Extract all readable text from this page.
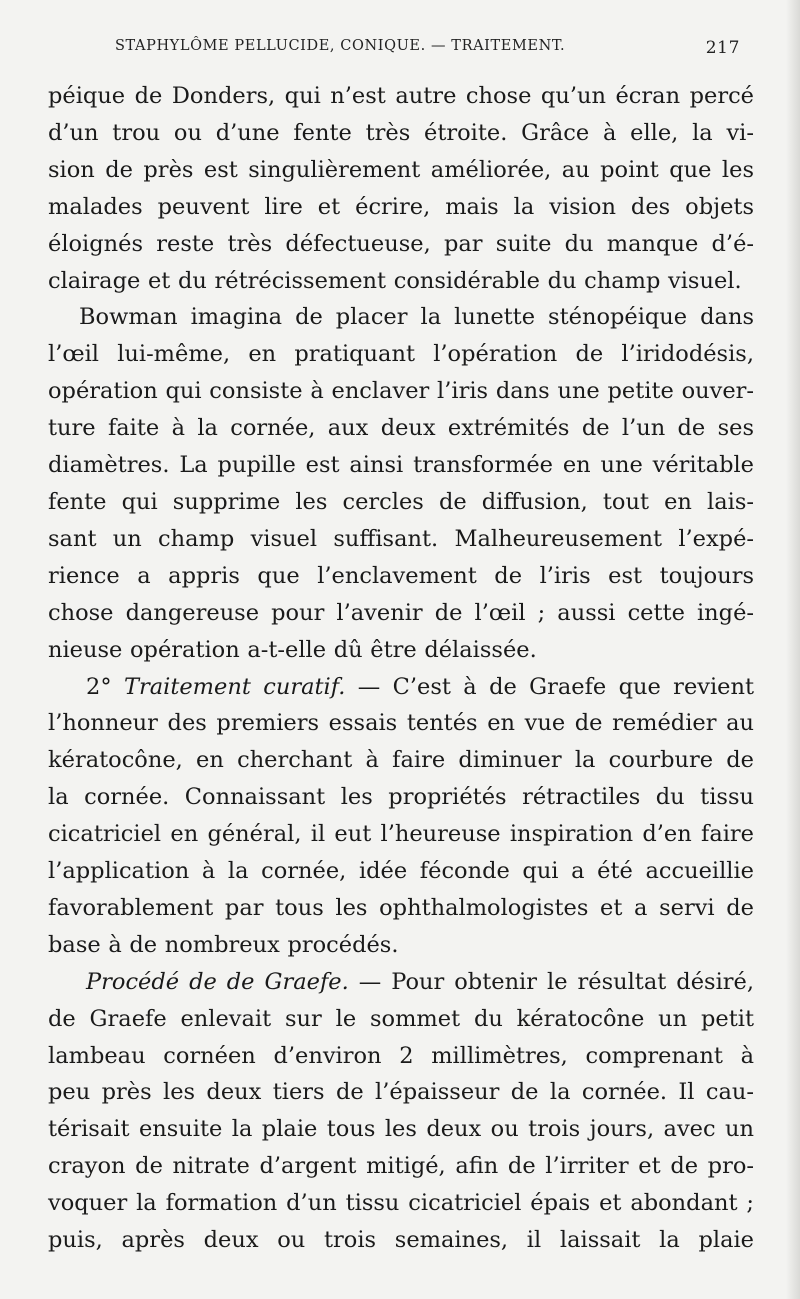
STAPHYLÔME PELLUCIDE, CONIQUE. — TRAITEMENT.	217
péique de Donders, qui n’est autre chose qu’un écran percé
d’un trou ou d’une fente très étroite. Grâce à elle, la vi-
sion de près est singulièrement améliorée, au point que les
malades peuvent lire et écrire, mais la vision des objets
éloignés reste très défectueuse, par suite du manque d’é-
clairage et du rétrécissement considérable du champ visuel.
Bowman imagina de placer la lunette sténopéique dans
l’œil lui-même, en pratiquant l’opération de l’iridodésis,
opération qui consiste à enclaver l’iris dans une petite ouver-
ture faite à la cornée, aux deux extrémités de l’un de ses
diamètres. La pupille est ainsi transformée en une véritable
fente qui supprime les cercles de diffusion, tout en lais-
sant un champ visuel suffisant. Malheureusement l’expé-
rience a appris que l’enclavement de l’iris est toujours
chose dangereuse pour l’avenir de l’œil ; aussi cette ingé-
nieuse opération a-t-elle dû être délaissée.
2° Traitement curatif. — C’est à de Graefe que revient
l’honneur des premiers essais tentés en vue de remédier au
kératocône, en cherchant à faire diminuer la courbure de
la cornée. Connaissant les propriétés rétractiles du tissu
cicatriciel en général, il eut l’heureuse inspiration d’en faire
l’application à la cornée, idée féconde qui a été accueillie
favorablement par tous les ophthalmologistes et a servi de
base à de nombreux procédés.
Procédé de de Graefe. — Pour obtenir le résultat désiré,
de Graefe enlevait sur le sommet du kératocône un petit
lambeau cornéen d’environ 2 millimètres, comprenant à
peu près les deux tiers de l’épaisseur de la cornée. Il cau-
térisait ensuite la plaie tous les deux ou trois jours, avec un
crayon de nitrate d’argent mitigé, afin de l’irriter et de pro-
voquer la formation d’un tissu cicatriciel épais et abondant ;
puis, après deux ou trois semaines, il laissait la plaie
